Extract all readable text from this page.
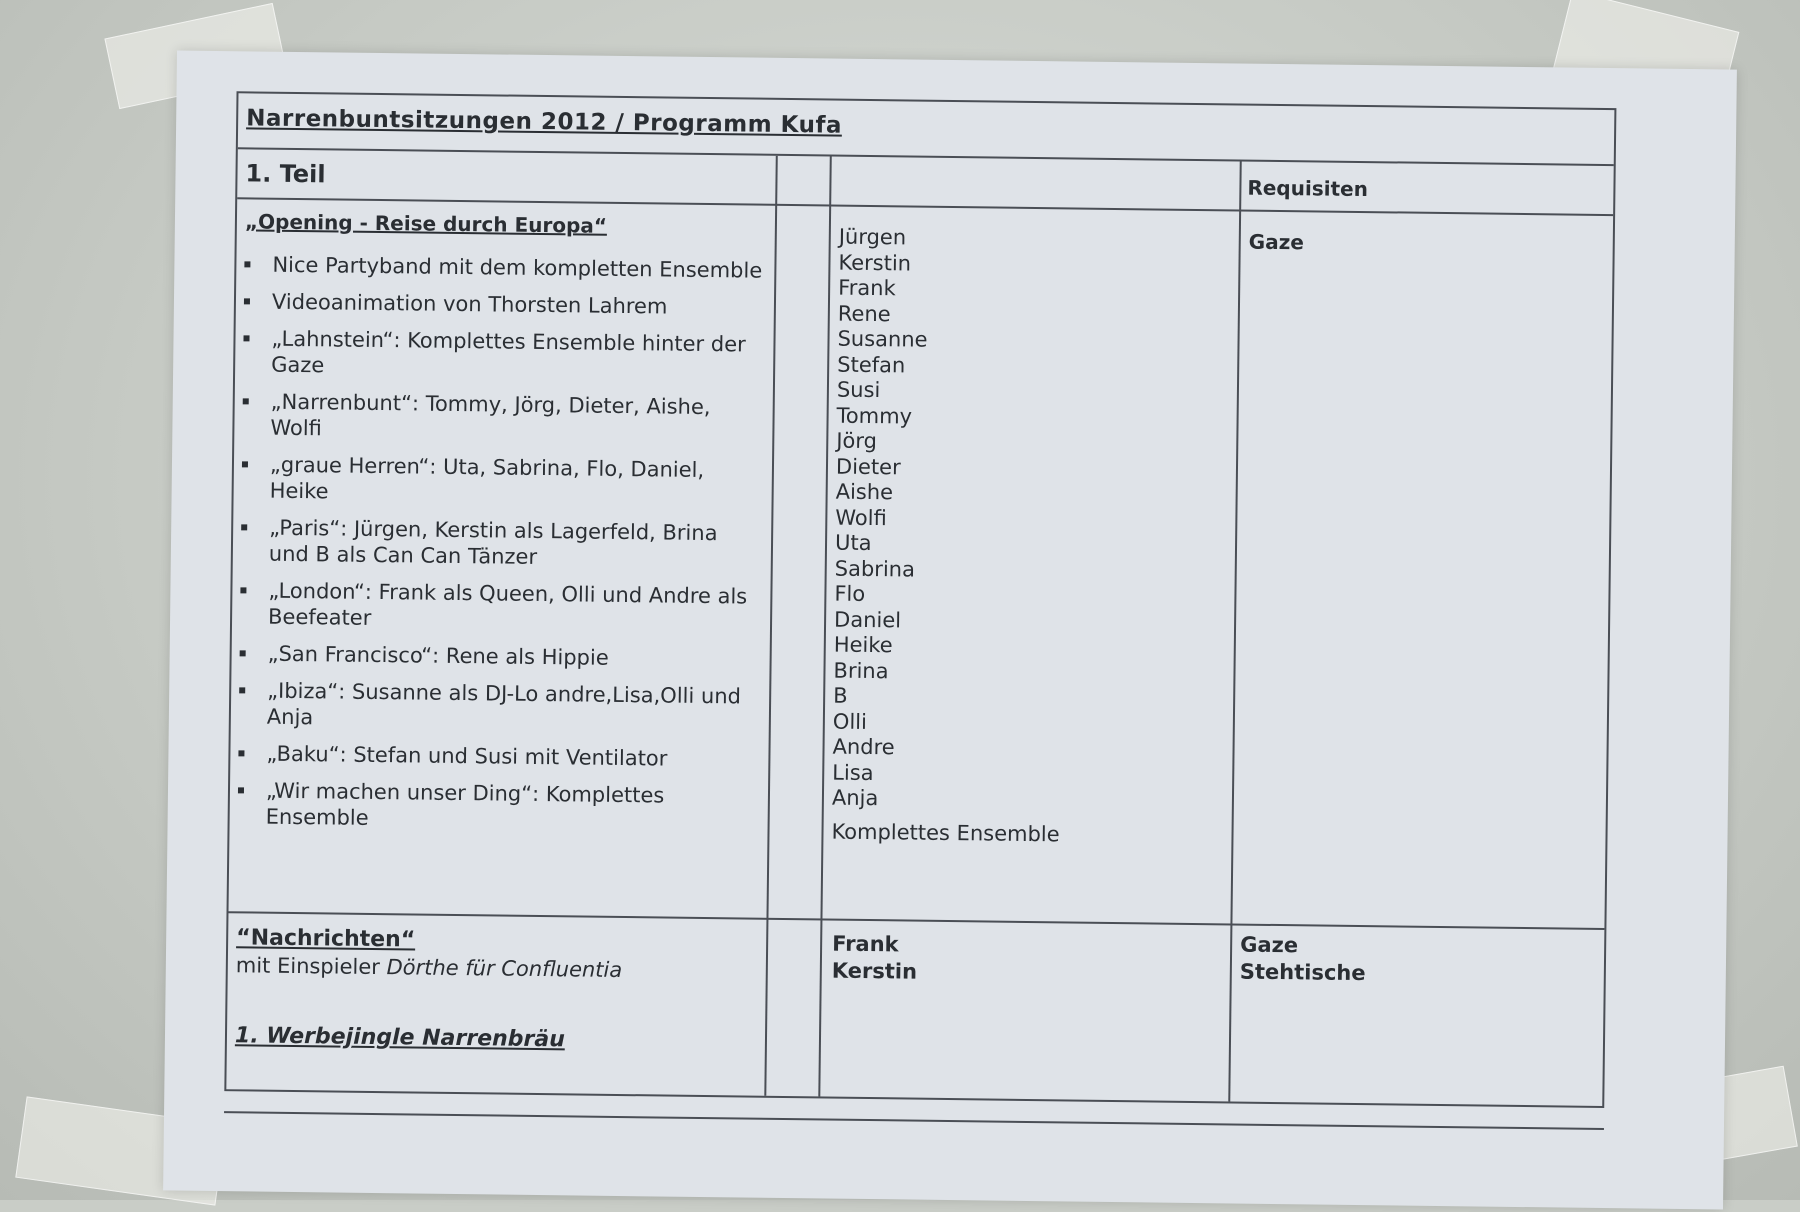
Narrenbuntsitzungen 2012 / Programm Kufa
1. Teil	Requisiten
„Opening - Reise durch Europa“
Nice Partyband mit dem kompletten Ensemble
Videoanimation von Thorsten Lahrem
„Lahnstein“: Komplettes Ensemble hinter der Gaze
„Narrenbunt“: Tommy, Jörg, Dieter, Aishe, Wolfi
„graue Herren“: Uta, Sabrina, Flo, Daniel, Heike
„Paris“: Jürgen, Kerstin als Lagerfeld, Brina und B als Can Can Tänzer
„London“: Frank als Queen, Olli und Andre als Beefeater
„San Francisco“: Rene als Hippie
„Ibiza“: Susanne als DJ-Lo andre,Lisa,Olli und Anja
„Baku“: Stefan und Susi mit Ventilator
„Wir machen unser Ding“: Komplettes Ensemble
Jürgen
Kerstin
Frank
Rene
Susanne
Stefan
Susi
Tommy
Jörg
Dieter
Aishe
Wolfi
Uta
Sabrina
Flo
Daniel
Heike
Brina
B
Olli
Andre
Lisa
Anja
Komplettes Ensemble
Gaze
“Nachrichten“
mit Einspieler Dörthe für Confluentia
1. Werbejingle Narrenbräu
Frank
Kerstin
Gaze
Stehtische
